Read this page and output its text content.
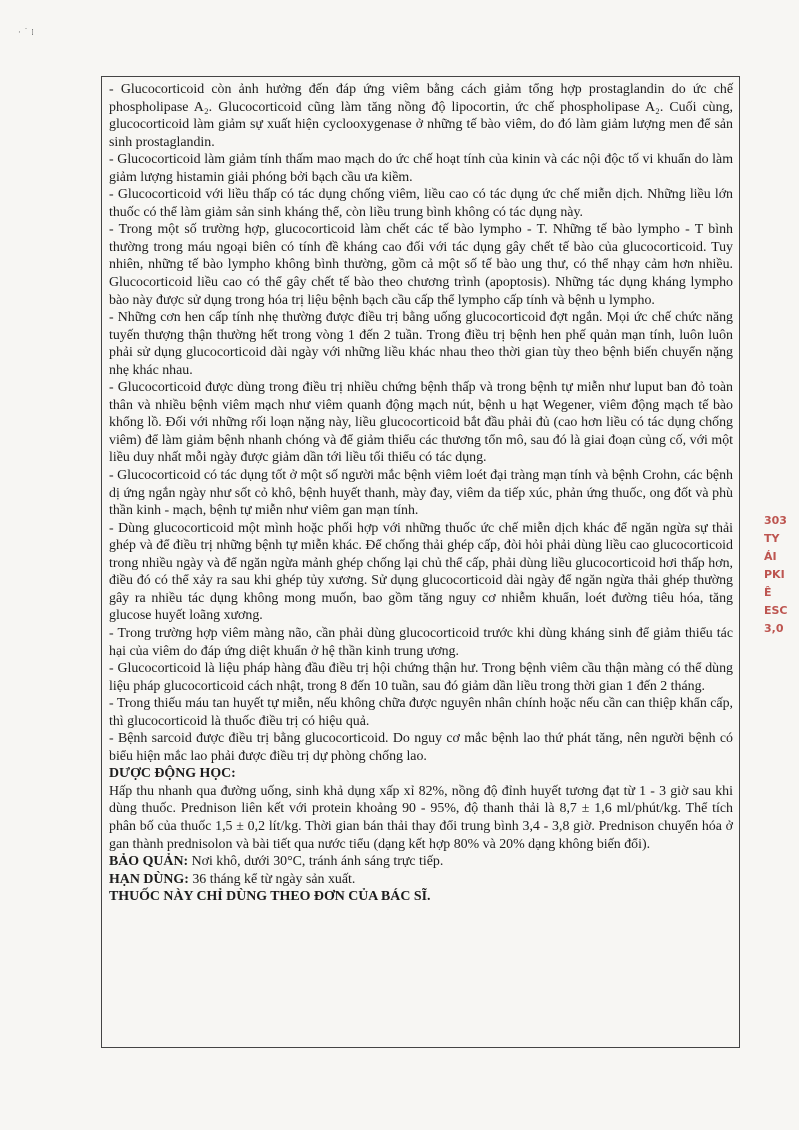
· ˙ ⁞

- Glucocorticoid còn ảnh hưởng đến đáp ứng viêm bằng cách giảm tổng hợp prostaglandin do ức chế phospholipase A₂. Glucocorticoid cũng làm tăng nồng độ lipocortin, ức chế phospholipase A₂. Cuối cùng, glucocorticoid làm giảm sự xuất hiện cyclooxygenase ở những tế bào viêm, do đó làm giảm lượng men để sản sinh prostaglandin.

- Glucocorticoid làm giảm tính thấm mao mạch do ức chế hoạt tính của kinin và các nội độc tố vi khuẩn do làm giảm lượng histamin giải phóng bởi bạch cầu ưa kiềm.

- Glucocorticoid với liều thấp có tác dụng chống viêm, liều cao có tác dụng ức chế miễn dịch. Những liều lớn thuốc có thể làm giảm sản sinh kháng thể, còn liều trung bình không có tác dụng này.

- Trong một số trường hợp, glucocorticoid làm chết các tế bào lympho - T. Những tế bào lympho - T bình thường trong máu ngoại biên có tính đề kháng cao đối với tác dụng gây chết tế bào của glucocorticoid. Tuy nhiên, những tế bào lympho không bình thường, gồm cả một số tế bào ung thư, có thể nhạy cảm hơn nhiều. Glucocorticoid liều cao có thể gây chết tế bào theo chương trình (apoptosis). Những tác dụng kháng lympho bào này được sử dụng trong hóa trị liệu bệnh bạch cầu cấp thể lympho cấp tính và bệnh u lympho.

- Những cơn hen cấp tính nhẹ thường được điều trị bằng uống glucocorticoid đợt ngắn. Mọi ức chế chức năng tuyến thượng thận thường hết trong vòng 1 đến 2 tuần. Trong điều trị bệnh hen phế quản mạn tính, luôn luôn phải sử dụng glucocorticoid dài ngày với những liều khác nhau theo thời gian tùy theo bệnh biến chuyển nặng nhẹ khác nhau.

- Glucocorticoid được dùng trong điều trị nhiều chứng bệnh thấp và trong bệnh tự miễn như luput ban đỏ toàn thân và nhiều bệnh viêm mạch như viêm quanh động mạch nút, bệnh u hạt Wegener, viêm động mạch tế bào khổng lồ. Đối với những rối loạn nặng này, liều glucocorticoid bắt đầu phải đủ (cao hơn liều có tác dụng chống viêm) để làm giảm bệnh nhanh chóng và để giảm thiểu các thương tổn mô, sau đó là giai đoạn củng cố, với một liều duy nhất mỗi ngày được giảm dần tới liều tối thiểu có tác dụng.

- Glucocorticoid có tác dụng tốt ở một số người mắc bệnh viêm loét đại tràng mạn tính và bệnh Crohn, các bệnh dị ứng ngắn ngày như sốt cỏ khô, bệnh huyết thanh, mày đay, viêm da tiếp xúc, phản ứng thuốc, ong đốt và phù thần kinh - mạch, bệnh tự miễn như viêm gan mạn tính.

- Dùng glucocorticoid một mình hoặc phối hợp với những thuốc ức chế miễn dịch khác để ngăn ngừa sự thải ghép và để điều trị những bệnh tự miễn khác. Để chống thải ghép cấp, đòi hỏi phải dùng liều cao glucocorticoid trong nhiều ngày và để ngăn ngừa mảnh ghép chống lại chủ thể cấp, phải dùng liều glucocorticoid hơi thấp hơn, điều đó có thể xảy ra sau khi ghép tủy xương. Sử dụng glucocorticoid dài ngày để ngăn ngừa thải ghép thường gây ra nhiều tác dụng không mong muốn, bao gồm tăng nguy cơ nhiễm khuẩn, loét đường tiêu hóa, tăng glucose huyết loãng xương.

- Trong trường hợp viêm màng não, cần phải dùng glucocorticoid trước khi dùng kháng sinh để giảm thiểu tác hại của viêm do đáp ứng diệt khuẩn ở hệ thần kinh trung ương.

- Glucocorticoid là liệu pháp hàng đầu điều trị hội chứng thận hư. Trong bệnh viêm cầu thận màng có thể dùng liệu pháp glucocorticoid cách nhật, trong 8 đến 10 tuần, sau đó giảm dần liều trong thời gian 1 đến 2 tháng.

- Trong thiếu máu tan huyết tự miễn, nếu không chữa được nguyên nhân chính hoặc nếu cần can thiệp khẩn cấp, thì glucocorticoid là thuốc điều trị có hiệu quả.

- Bệnh sarcoid được điều trị bằng glucocorticoid. Do nguy cơ mắc bệnh lao thứ phát tăng, nên người bệnh có biểu hiện mắc lao phải được điều trị dự phòng chống lao.

DƯỢC ĐỘNG HỌC:

Hấp thu nhanh qua đường uống, sinh khả dụng xấp xỉ 82%, nồng độ đỉnh huyết tương đạt từ 1 - 3 giờ sau khi dùng thuốc. Prednison liên kết với protein khoảng 90 - 95%, độ thanh thải là 8,7 ± 1,6 ml/phút/kg. Thể tích phân bố của thuốc 1,5 ± 0,2 lít/kg. Thời gian bán thải thay đổi trung bình 3,4 - 3,8 giờ. Prednison chuyển hóa ở gan thành prednisolon và bài tiết qua nước tiểu (dạng kết hợp 80% và 20% dạng không biến đổi).

BẢO QUẢN: Nơi khô, dưới 30°C, tránh ánh sáng trực tiếp.

HẠN DÙNG: 36 tháng kể từ ngày sản xuất.

THUỐC NÀY CHỈ DÙNG THEO ĐƠN CỦA BÁC SĨ.

303
TY
ÁI
PKI
Ê
ESC
3,0
